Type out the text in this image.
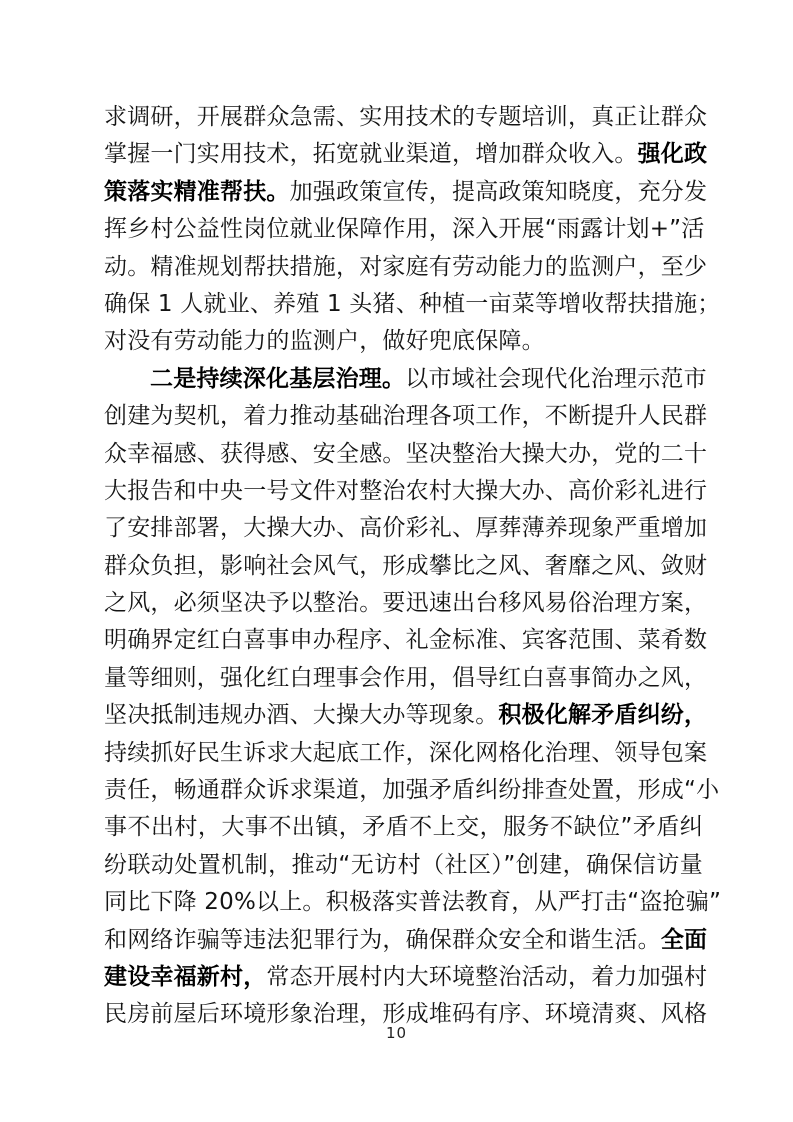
求调研，开展群众急需、实用技术的专题培训，真正让群众
掌握一门实用技术，拓宽就业渠道，增加群众收入。强化政
策落实精准帮扶。加强政策宣传，提高政策知晓度，充分发
挥乡村公益性岗位就业保障作用，深入开展“雨露计划+”活
动。精准规划帮扶措施，对家庭有劳动能力的监测户，至少
确保 1 人就业、养殖 1 头猪、种植一亩菜等增收帮扶措施；
对没有劳动能力的监测户，做好兜底保障。
二是持续深化基层治理。以市域社会现代化治理示范市
创建为契机，着力推动基础治理各项工作，不断提升人民群
众幸福感、获得感、安全感。坚决整治大操大办，党的二十
大报告和中央一号文件对整治农村大操大办、高价彩礼进行
了安排部署，大操大办、高价彩礼、厚葬薄养现象严重增加
群众负担，影响社会风气，形成攀比之风、奢靡之风、敛财
之风，必须坚决予以整治。要迅速出台移风易俗治理方案，
明确界定红白喜事申办程序、礼金标准、宾客范围、菜肴数
量等细则，强化红白理事会作用，倡导红白喜事简办之风，
坚决抵制违规办酒、大操大办等现象。积极化解矛盾纠纷，
持续抓好民生诉求大起底工作，深化网格化治理、领导包案
责任，畅通群众诉求渠道，加强矛盾纠纷排查处置，形成“小
事不出村，大事不出镇，矛盾不上交，服务不缺位”矛盾纠
纷联动处置机制，推动“无访村（社区）”创建，确保信访量
同比下降 20%以上。积极落实普法教育，从严打击“盗抢骗”
和网络诈骗等违法犯罪行为，确保群众安全和谐生活。全面
建设幸福新村，常态开展村内大环境整治活动，着力加强村
民房前屋后环境形象治理，形成堆码有序、环境清爽、风格
10
